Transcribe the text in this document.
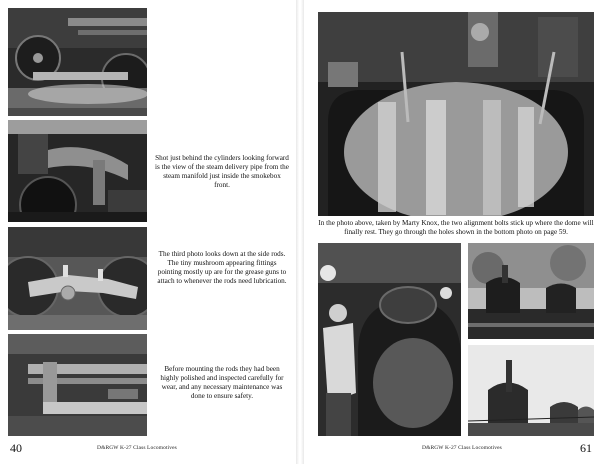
Shot just behind the cylinders looking forward is the view of the steam delivery pipe from the steam manifold just inside the smokebox front.

The third photo looks down at the side rods. The tiny mushroom appearing fittings pointing mostly up are for the grease guns to attach to whenever the rods need lubrication.

Before mounting the rods they had been highly polished and inspected carefully for wear, and any necessary maintenance was done to ensure safety.

40	D&RGW K-27 Class Locomotives

In the photo above, taken by Marty Knox, the two alignment bolts stick up where the dome will finally rest. They go through the holes shown in the bottom photo on page 59.

D&RGW K-27 Class Locomotives	61
